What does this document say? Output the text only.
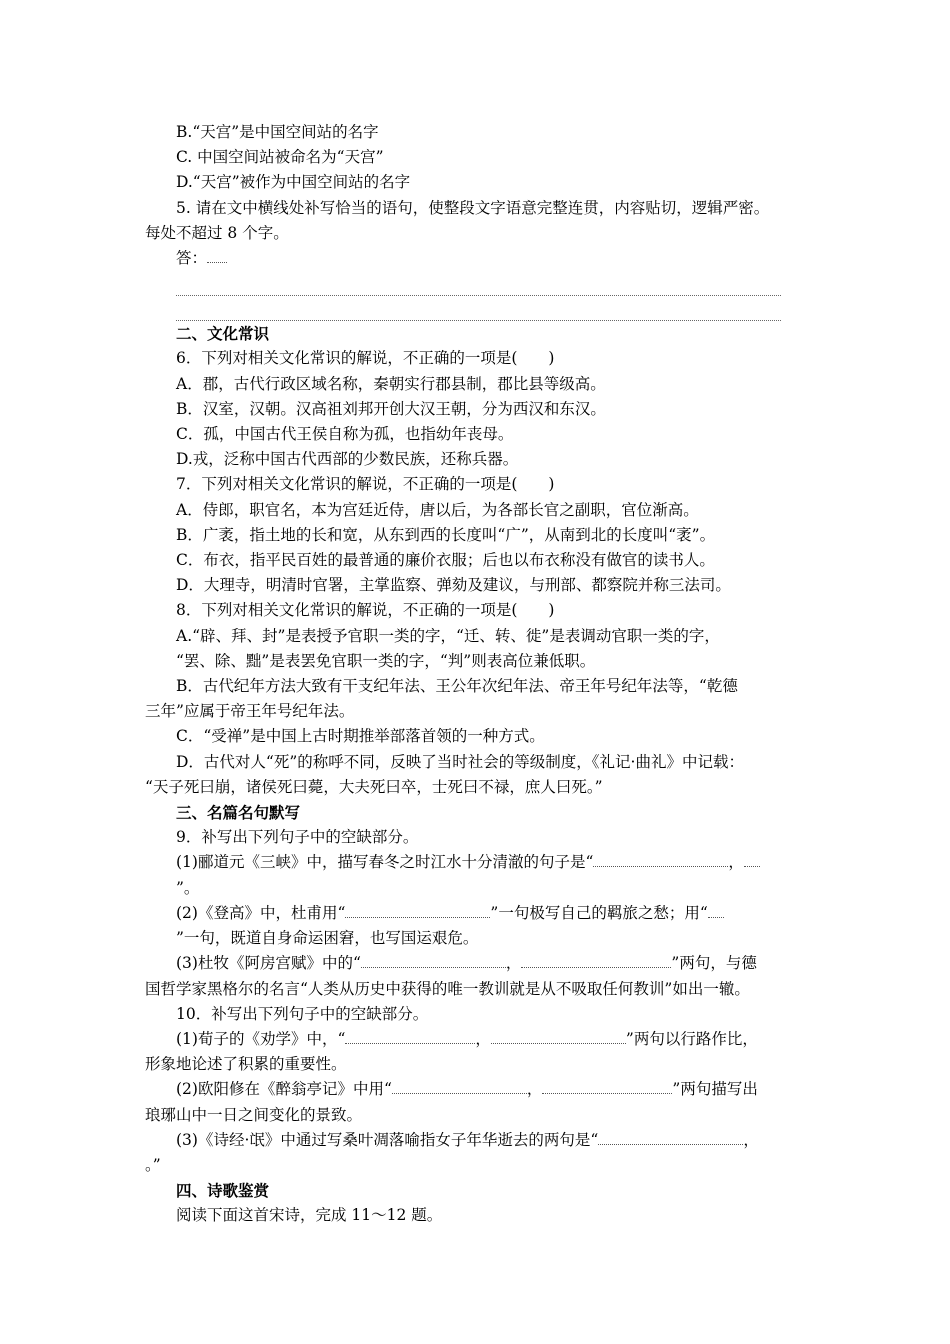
B.“天宫”是中国空间站的名字
C. 中国空间站被命名为“天宫”
D.“天宫”被作为中国空间站的名字
5. 请在文中横线处补写恰当的语句，使整段文字语意完整连贯，内容贴切，逻辑严密。
每处不超过 8 个字。
答：
二、文化常识
6．下列对相关文化常识的解说，不正确的一项是(　　)
A．郡，古代行政区域名称，秦朝实行郡县制，郡比县等级高。
B．汉室，汉朝。汉高祖刘邦开创大汉王朝，分为西汉和东汉。
C．孤，中国古代王侯自称为孤，也指幼年丧母。
D.戎，泛称中国古代西部的少数民族，还称兵器。
7．下列对相关文化常识的解说，不正确的一项是(　　)
A．侍郎，职官名，本为宫廷近侍，唐以后，为各部长官之副职，官位渐高。
B．广袤，指土地的长和宽，从东到西的长度叫“广”，从南到北的长度叫“袤”。
C．布衣，指平民百姓的最普通的廉价衣服；后也以布衣称没有做官的读书人。
D．大理寺，明清时官署，主掌监察、弹劾及建议，与刑部、都察院并称三法司。
8．下列对相关文化常识的解说，不正确的一项是(　　)
A.“辟、拜、封”是表授予官职一类的字，“迁、转、徙”是表调动官职一类的字，
“罢、除、黜”是表罢免官职一类的字，“判”则表高位兼低职。
B．古代纪年方法大致有干支纪年法、王公年次纪年法、帝王年号纪年法等，“乾德
三年”应属于帝王年号纪年法。
C．“受禅”是中国上古时期推举部落首领的一种方式。
D．古代对人“死”的称呼不同，反映了当时社会的等级制度，《礼记·曲礼》中记载：
“天子死曰崩，诸侯死曰薨，大夫死曰卒，士死曰不禄，庶人曰死。”
三、名篇名句默写
9．补写出下列句子中的空缺部分。
(1)郦道元《三峡》中，描写春冬之时江水十分清澈的句子是“	，
”。
(2)《登高》中，杜甫用“	”一句极写自己的羁旅之愁；用“
”一句，既道自身命运困窘，也写国运艰危。
(3)杜牧《阿房宫赋》中的“	，	”两句，与德
国哲学家黑格尔的名言“人类从历史中获得的唯一教训就是从不吸取任何教训”如出一辙。
10．补写出下列句子中的空缺部分。
(1)荀子的《劝学》中，“	，	”两句以行路作比，
形象地论述了积累的重要性。
(2)欧阳修在《醉翁亭记》中用“	，	”两句描写出
琅琊山中一日之间变化的景致。
(3)《诗经·氓》中通过写桑叶凋落喻指女子年华逝去的两句是“	，
。”
四、诗歌鉴赏
阅读下面这首宋诗，完成 11～12 题。
